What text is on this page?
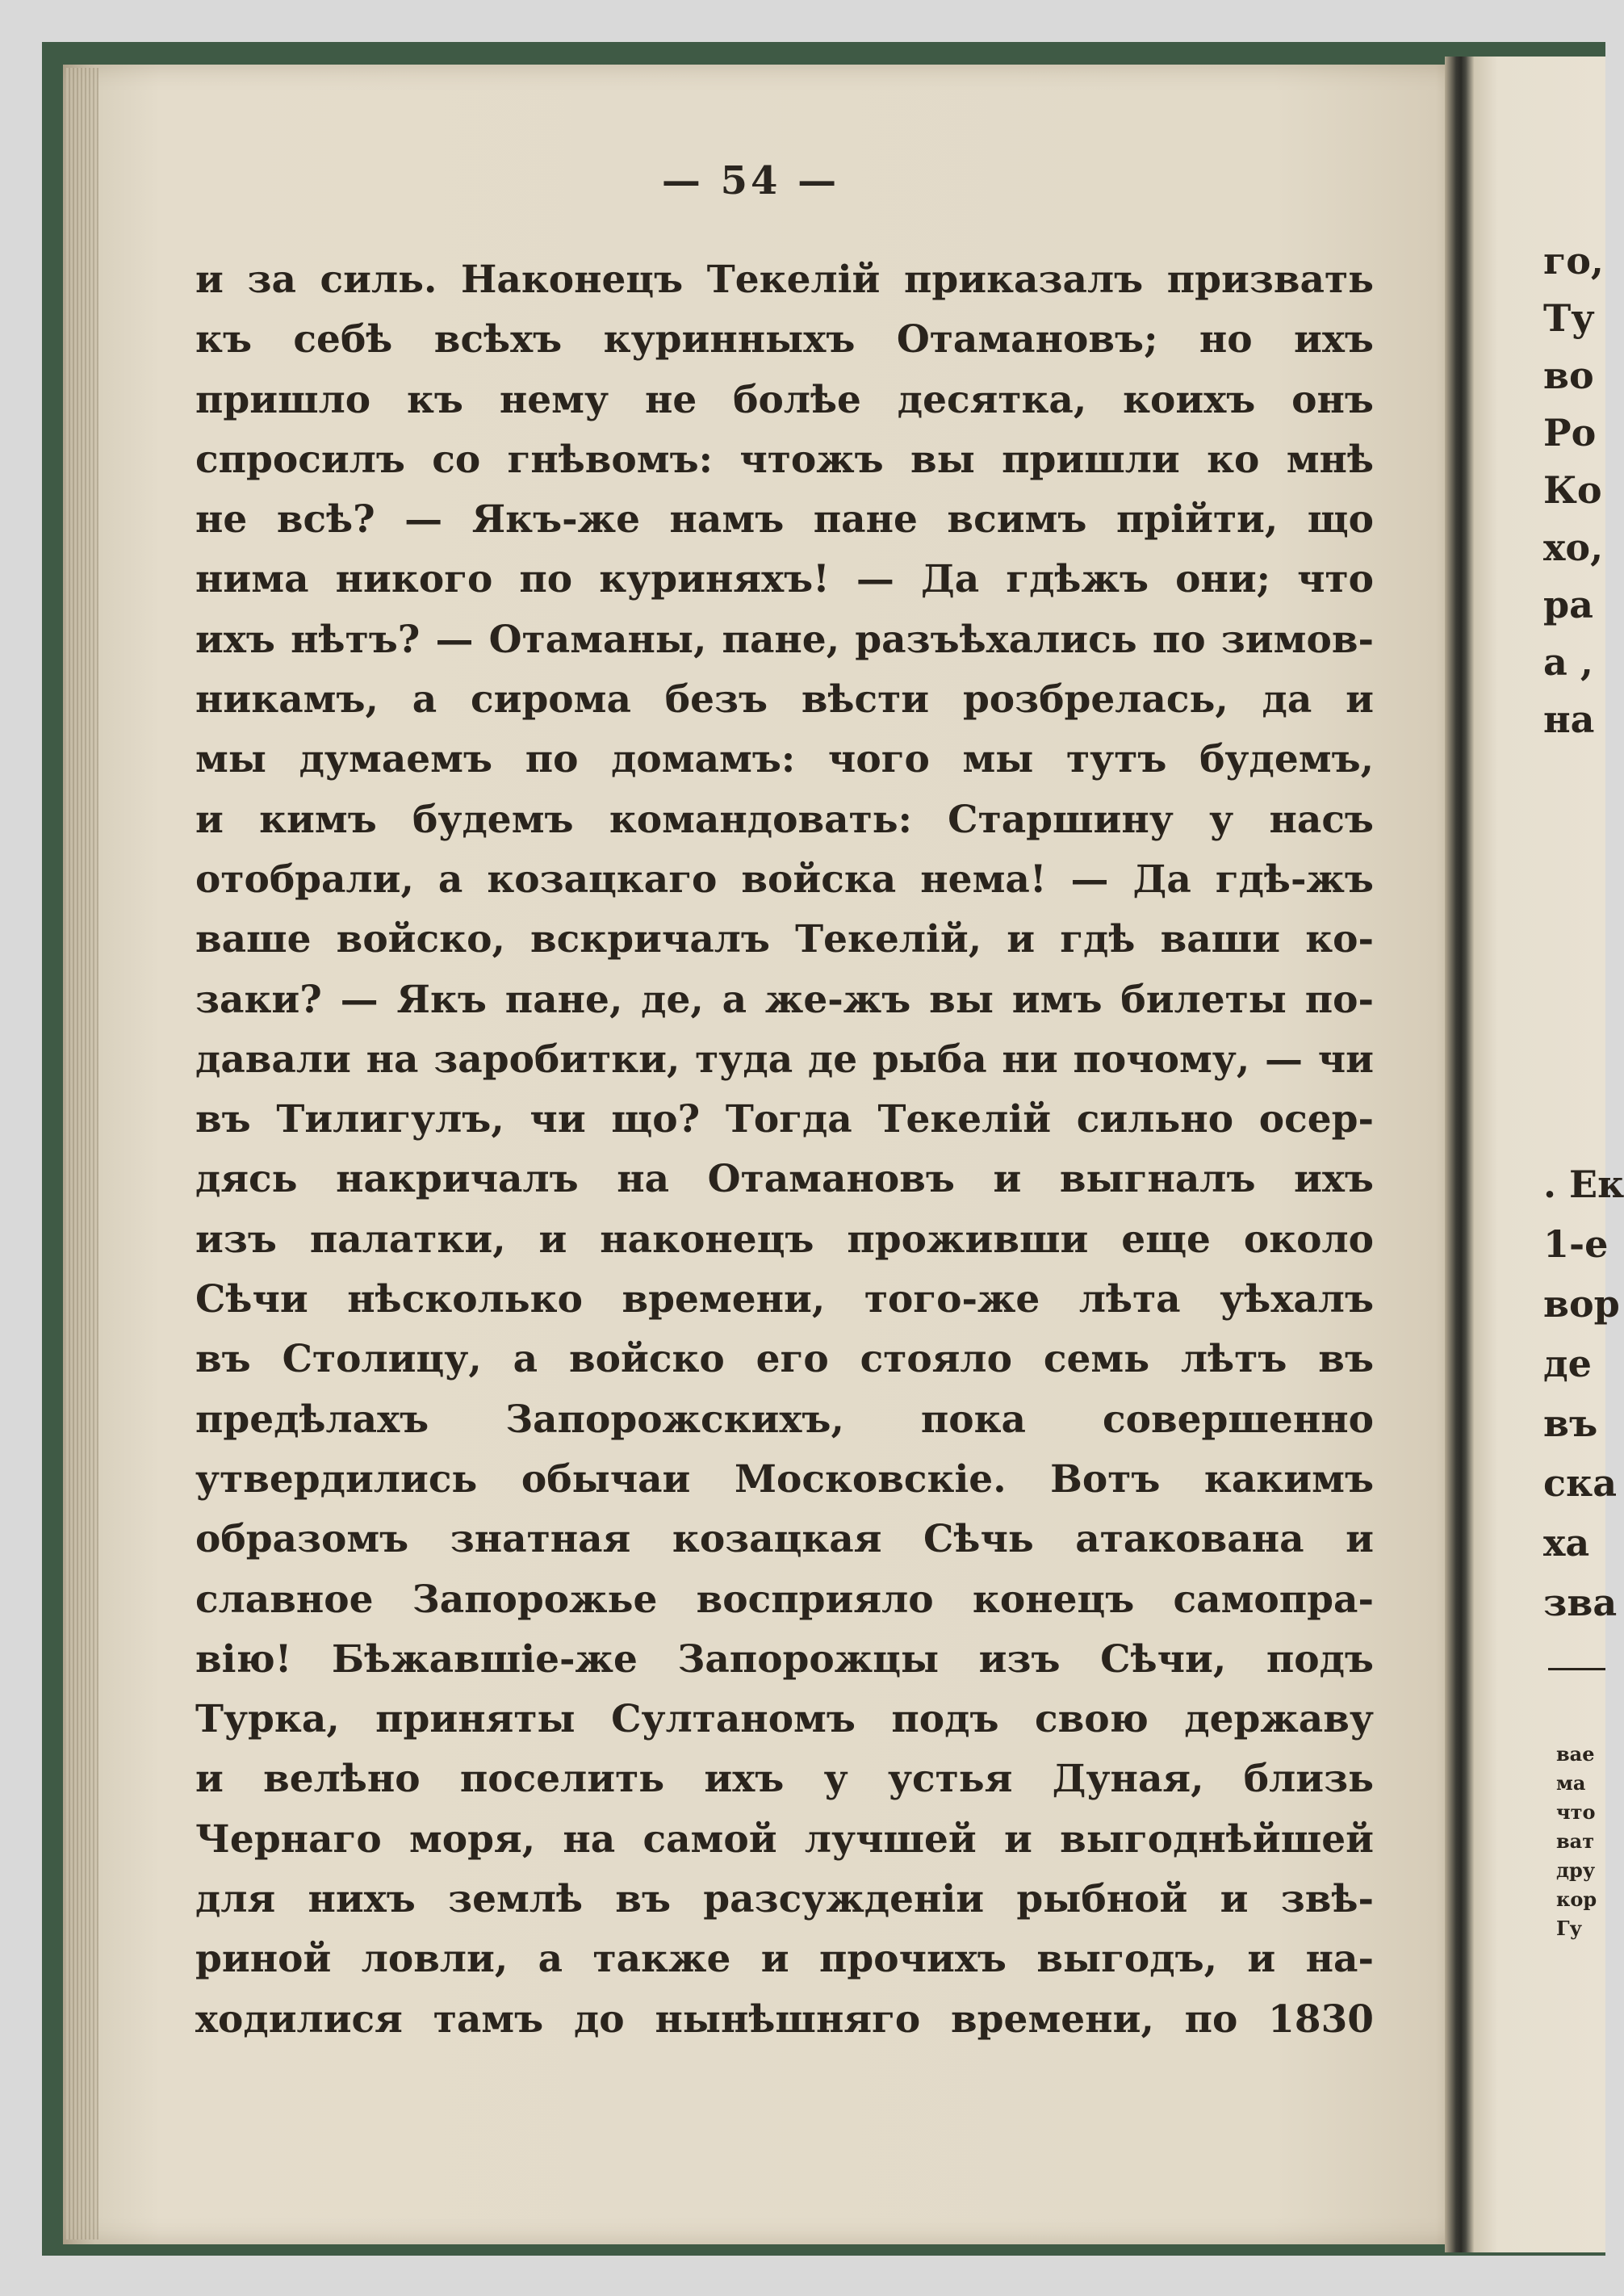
— 54 —
и за силь. Наконецъ Текелій приказалъ призвать
къ себѣ всѣхъ куринныхъ Отамановъ; но ихъ
пришло къ нему не болѣе десятка, коихъ онъ
спросилъ со гнѣвомъ: чтожъ вы пришли ко мнѣ
не всѣ? — Якъ-же намъ пане всимъ прійти, що
нима никого по куриняхъ! — Да гдѣжъ они; что
ихъ нѣтъ? — Отаманы, пане, разъѣхались по зимов-
никамъ, а сирома безъ вѣсти розбрелась, да и
мы думаемъ по домамъ: чого мы тутъ будемъ,
и кимъ будемъ командовать: Старшину у насъ
отобрали, а козацкаго войска нема! — Да гдѣ-жъ
ваше войско, вскричалъ Текелій, и гдѣ ваши ко-
заки? — Якъ пане, де, а же-жъ вы имъ билеты по-
давали на заробитки, туда де рыба ни почому, — чи
въ Тилигулъ, чи що? Тогда Текелій сильно осер-
дясь накричалъ на Отамановъ и выгналъ ихъ
изъ палатки, и наконецъ проживши еще около
Сѣчи нѣсколько времени, того-же лѣта уѣхалъ
въ Столицу, а войско его стояло семь лѣтъ въ
предѣлахъ Запорожскихъ, пока совершенно
утвердились обычаи Московскіе. Вотъ какимъ
образомъ знатная козацкая Сѣчь атакована и
славное Запорожье восприяло конецъ самопра-
вію! Бѣжавшіе-же Запорожцы изъ Сѣчи, подъ
Турка, приняты Султаномъ подъ свою державу
и велѣно поселить ихъ у устья Дуная, близь
Чернаго моря, на самой лучшей и выгоднѣйшей
для нихъ землѣ въ разсужденіи рыбной и звѣ-
риной ловли, а также и прочихъ выгодъ, и на-
ходилися тамъ до нынѣшняго времени, по 1830
го,
Ту
во
Ро
Ко
хо,
ра
а ,
на
. Ек
1-е
вор
де
въ
ска
ха
зва
вае
ма
что
ват
дру
кор
Гу
